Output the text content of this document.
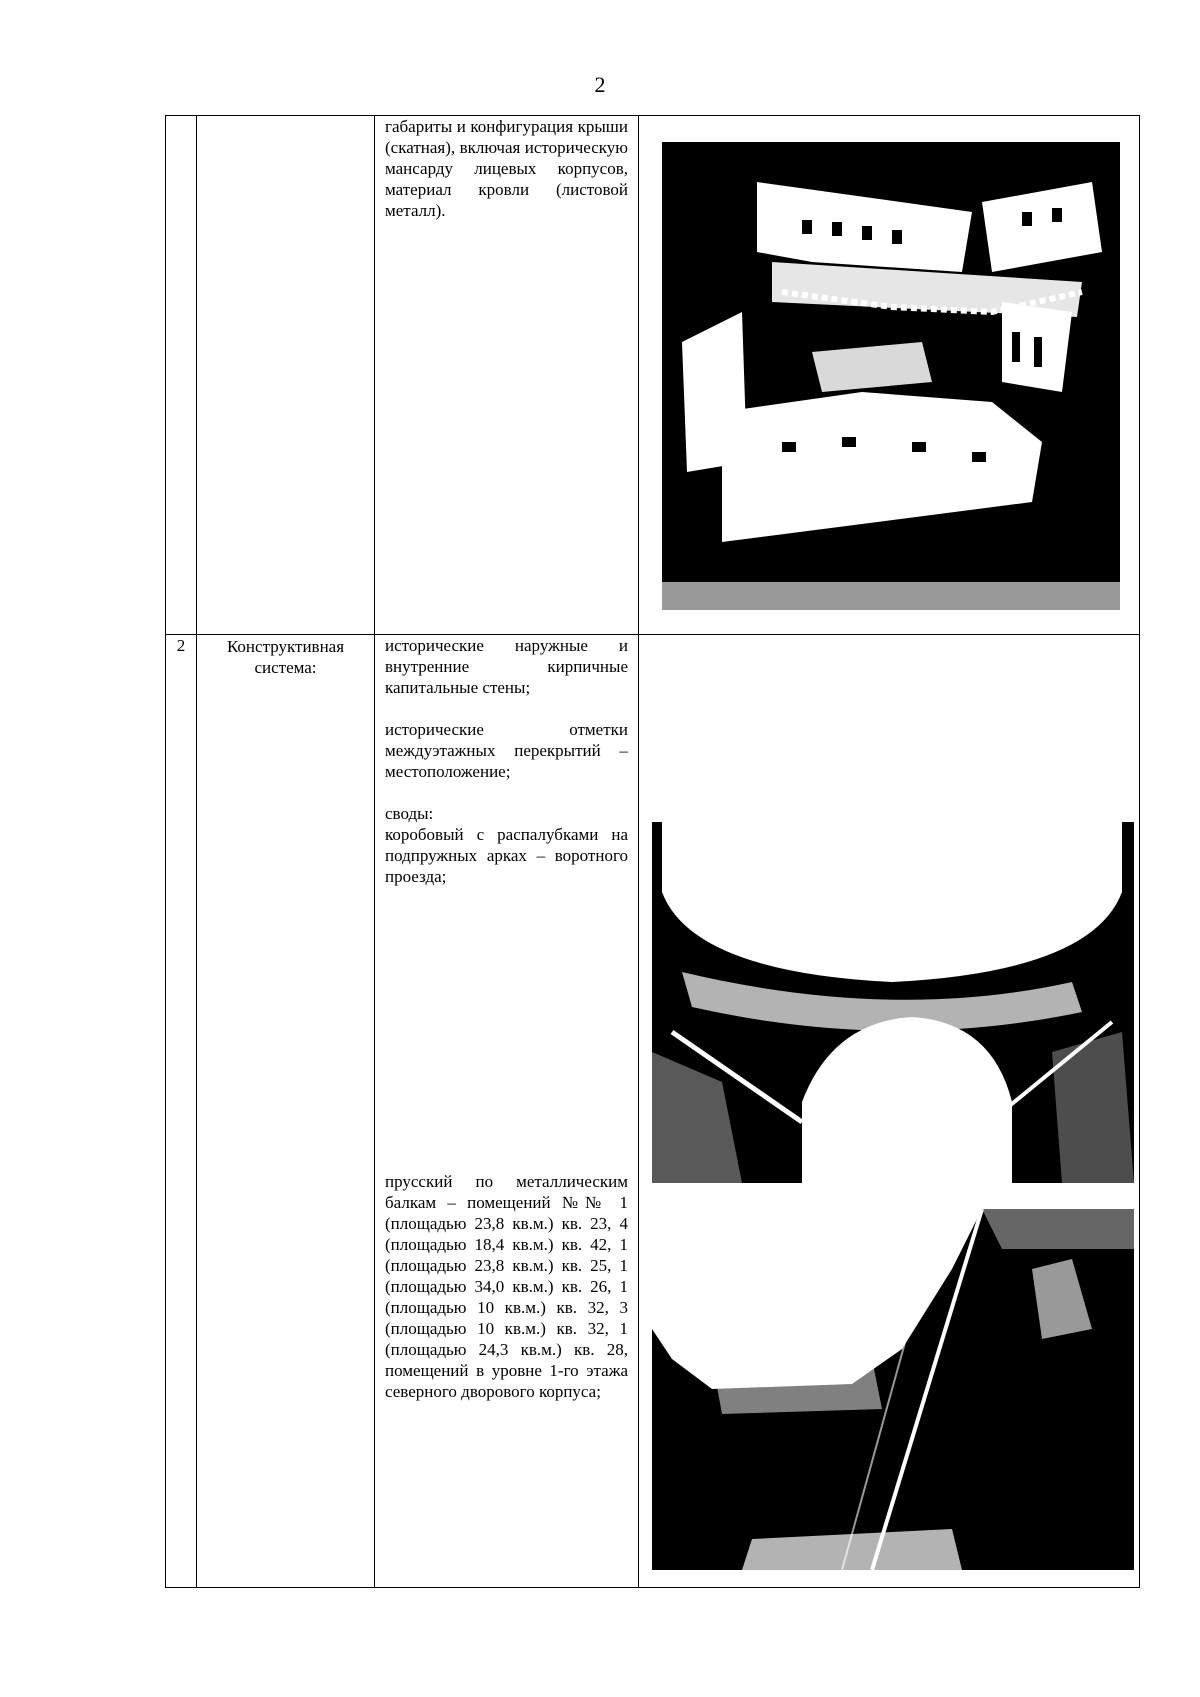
2

		габариты и конфигурация крыши (скатная), включая историческую мансарду лицевых корпусов, материал кровли (листовой металл).	

2	Конструктивная система:	исторические наружные и внутренние кирпичные капитальные стены;

исторические отметки междуэтажных перекрытий – местоположение;

своды:

коробовый с распалубками на подпружных арках – воротного проезда;

прусский по металлическим балкам – помещений №№ 1 (площадью 23,8 кв.м.) кв. 23, 4 (площадью 18,4 кв.м.) кв. 42, 1 (площадью 23,8 кв.м.) кв. 25, 1 (площадью 34,0 кв.м.) кв. 26, 1 (площадью 10 кв.м.) кв. 32, 3 (площадью 10 кв.м.) кв. 32, 1 (площадью 24,3 кв.м.) кв. 28, помещений в уровне 1-го этажа северного дворового корпуса;	
